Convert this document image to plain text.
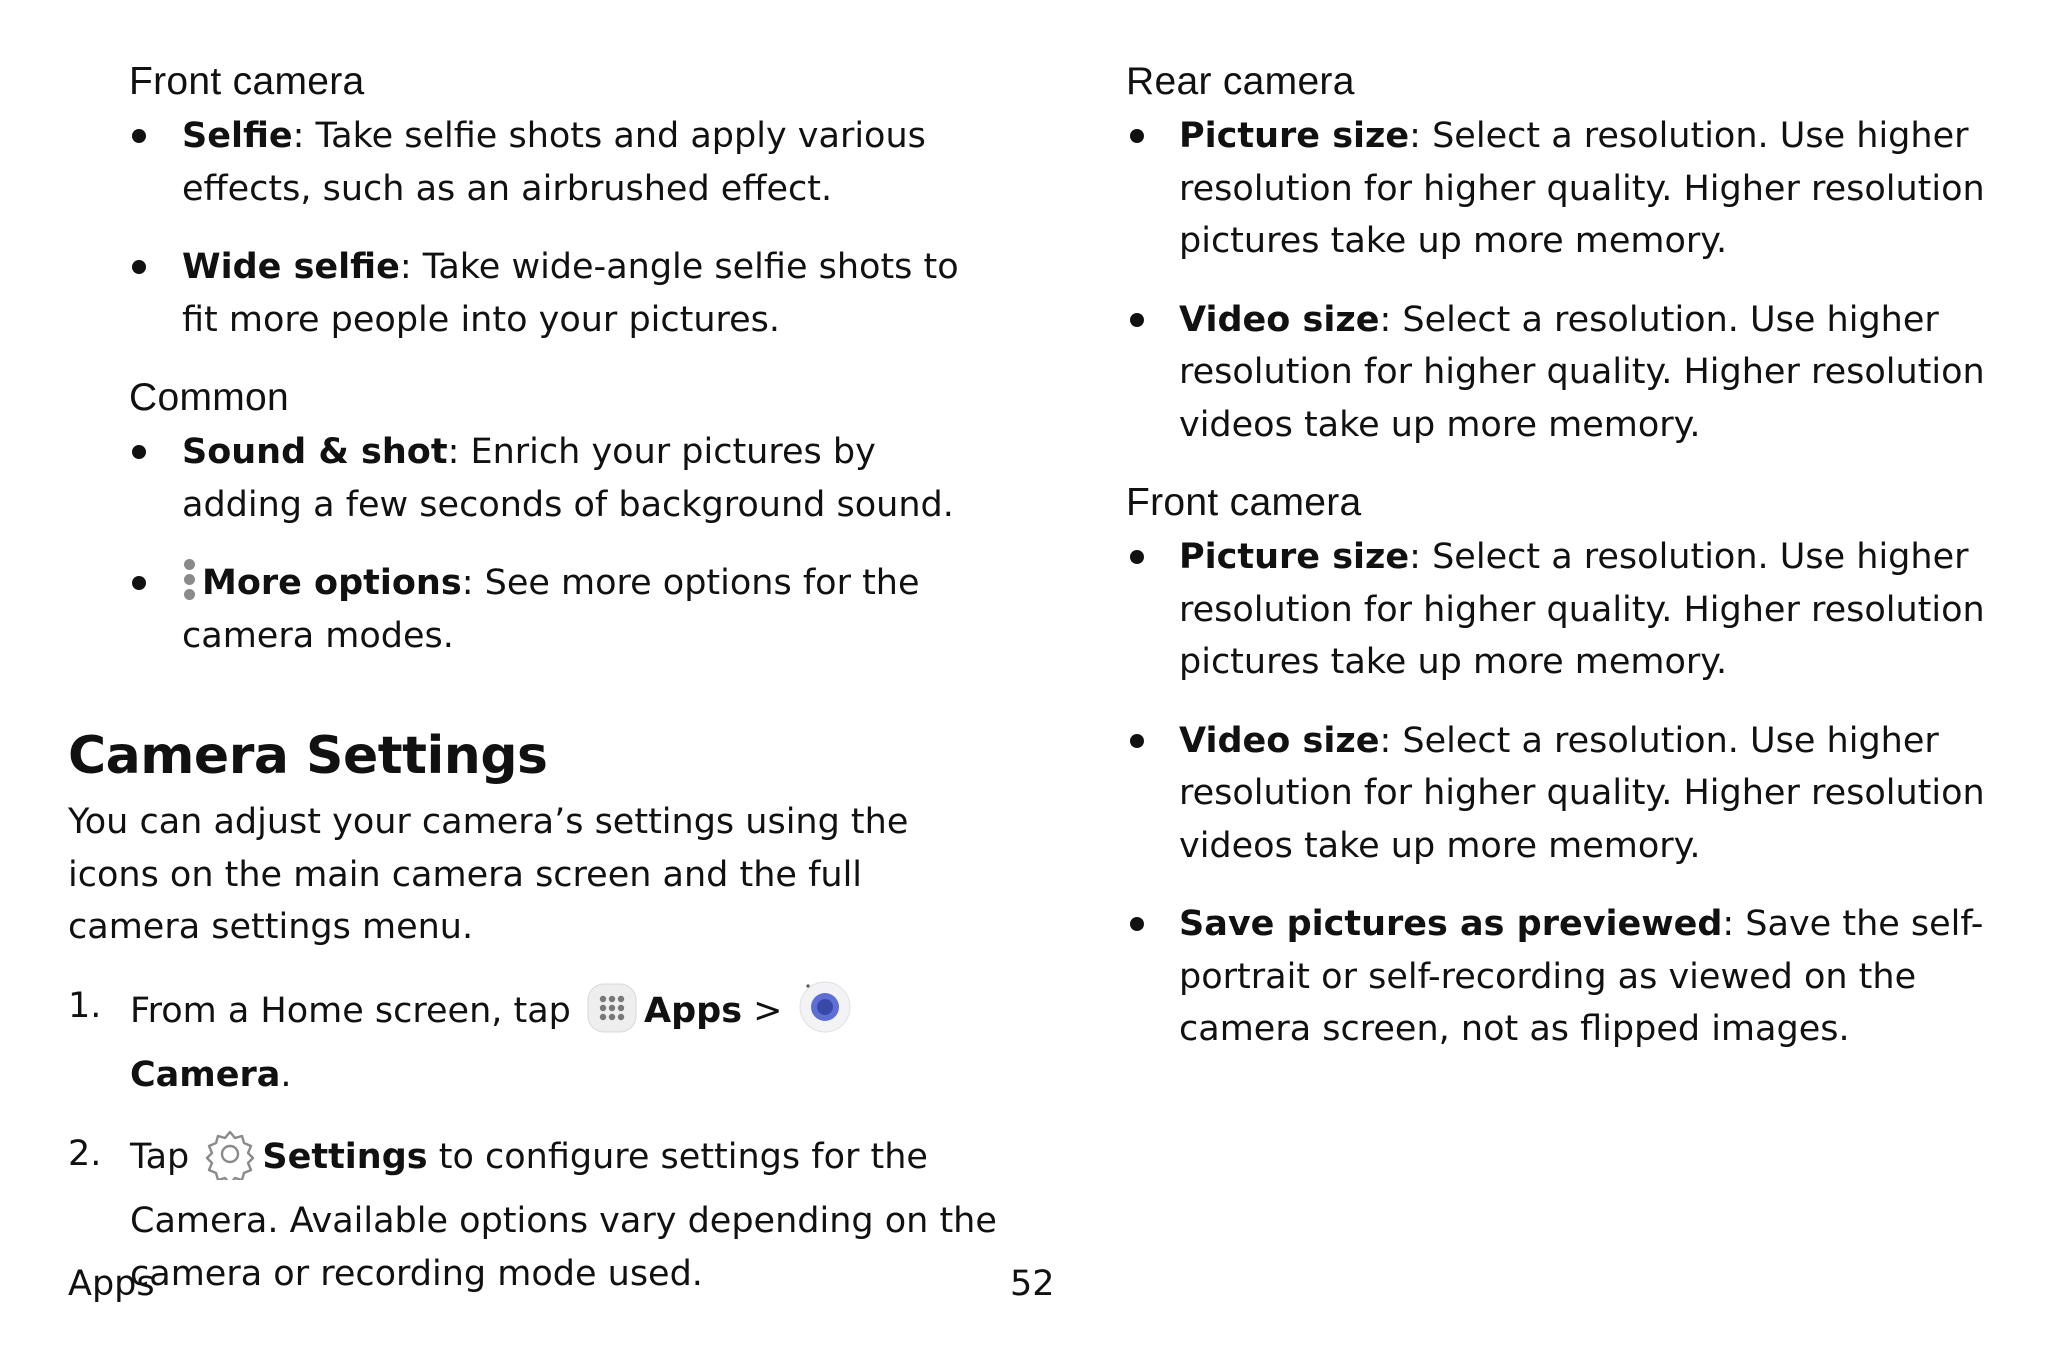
Front camera
Selfie: Take selfie shots and apply various effects, such as an airbrushed effect.
Wide selfie: Take wide-angle selfie shots to fit more people into your pictures.
Common
Sound & shot: Enrich your pictures by adding a few seconds of background sound.
More options: See more options for the camera modes.
Camera Settings

You can adjust your camera’s settings using the icons on the main camera screen and the full camera settings menu.

1. From a Home screen, tap Apps > Camera.
2. Tap Settings to configure settings for the Camera. Available options vary depending on the camera or recording mode used.
Rear camera
Picture size: Select a resolution. Use higher resolution for higher quality. Higher resolution pictures take up more memory.
Video size: Select a resolution. Use higher resolution for higher quality. Higher resolution videos take up more memory.
Front camera
Picture size: Select a resolution. Use higher resolution for higher quality. Higher resolution pictures take up more memory.
Video size: Select a resolution. Use higher resolution for higher quality. Higher resolution videos take up more memory.
Save pictures as previewed: Save the self-portrait or self-recording as viewed on the camera screen, not as flipped images.
Apps	52
